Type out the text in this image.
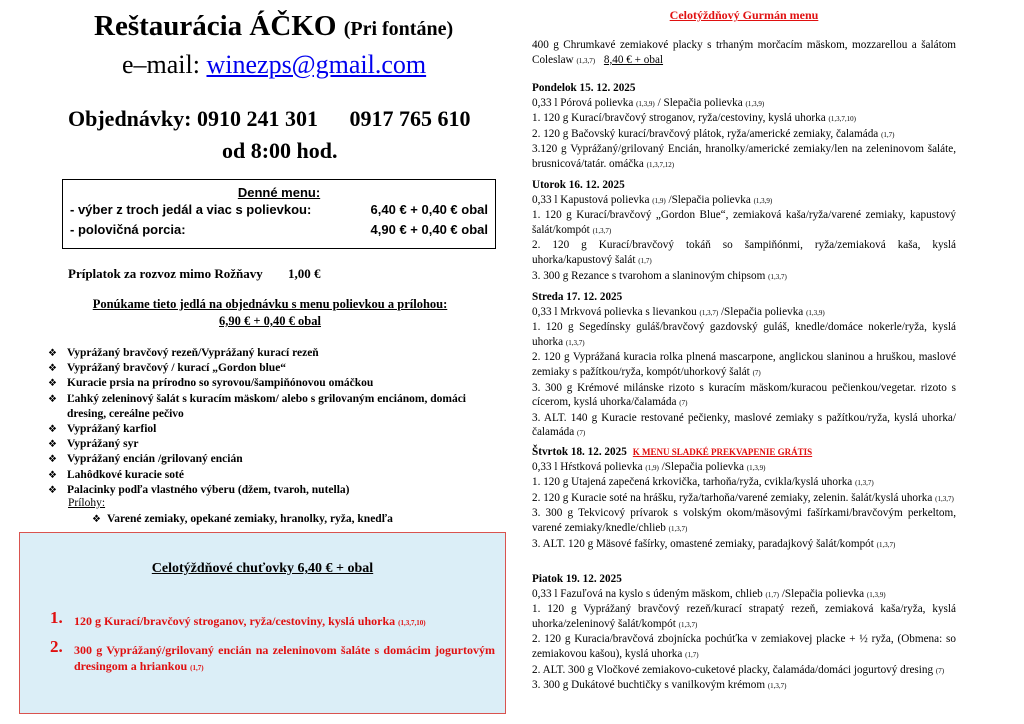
Reštaurácia ÁČKO (Pri fontáne)
e–mail: winezps@gmail.com
Objednávky: 0910 241 301 0917 765 610
od 8:00 hod.
Denné menu:
- výber z troch jedál a viac s polievkou:	6,40 € + 0,40 € obal
- polovičná porcia:	4,90 € + 0,40 € obal
Príplatok za rozvoz mimo Rožňavy 1,00 €
Ponúkame tieto jedlá na objednávku s menu polievkou a prílohou:
6,90 € + 0,40 € obal
❖ Vyprážaný bravčový rezeň/Vyprážaný kurací rezeň
❖ Vyprážaný bravčový / kurací „Gordon blue“
❖ Kuracie prsia na prírodno so syrovou/šampiňónovou omáčkou
❖ Ľahký zeleninový šalát s kuracím mäskom/ alebo s grilovaným enciánom, domáci dresing, cereálne pečivo
❖ Vyprážaný karfiol
❖ Vyprážaný syr
❖ Vyprážaný encián /grilovaný encián
❖ Lahôdkové kuracie soté
❖ Palacinky podľa vlastného výberu (džem, tvaroh, nutella)
Prílohy:
❖ Varené zemiaky, opekané zemiaky, hranolky, ryža, knedľa
Celotýždňové chuťovky 6,40 € + obal
1. 120 g Kurací/bravčový stroganov, ryža/cestoviny, kyslá uhorka (1,3,7,10)
2. 300 g Vyprážaný/grilovaný encián na zeleninovom šaláte s domácim jogurtovým dresingom a hriankou (1,7)
Celotýždňový Gurmán menu
400 g Chrumkavé zemiakové placky s trhaným morčacím mäskom, mozzarellou a šalátom Coleslaw (1,3,7) 8,40 € + obal
Pondelok 15. 12. 2025
0,33 l Pórová polievka (1,3,9) / Slepačia polievka (1,3,9)
1. 120 g Kurací/bravčový stroganov, ryža/cestoviny, kyslá uhorka (1,3,7,10)
2. 120 g Bačovský kurací/bravčový plátok, ryža/americké zemiaky, čalamáda (1,7)
3.120 g Vyprážaný/grilovaný Encián, hranolky/americké zemiaky/len na zeleninovom šaláte, brusnicová/tatár. omáčka (1,3,7,12)
Utorok 16. 12. 2025
0,33 l Kapustová polievka (1,9) /Slepačia polievka (1,3,9)
1. 120 g Kurací/bravčový „Gordon Blue“, zemiaková kaša/ryža/varené zemiaky, kapustový šalát/kompót (1,3,7)
2. 120 g Kurací/bravčový tokáň so šampiňónmi, ryža/zemiaková kaša, kyslá uhorka/kapustový šalát (1,7)
3. 300 g Rezance s tvarohom a slaninovým chipsom (1,3,7)
Streda 17. 12. 2025
0,33 l Mrkvová polievka s lievankou (1,3,7) /Slepačia polievka (1,3,9)
1. 120 g Segedínsky guláš/bravčový gazdovský guláš, knedle/domáce nokerle/ryža, kyslá uhorka (1,3,7)
2. 120 g Vyprážaná kuracia rolka plnená mascarpone, anglickou slaninou a hruškou, maslové zemiaky s pažítkou/ryža, kompót/uhorkový šalát (7)
3. 300 g Krémové milánske rizoto s kuracím mäskom/kuracou pečienkou/vegetar. rizoto s cícerom, kyslá uhorka/čalamáda (7)
3. ALT. 140 g Kuracie restované pečienky, maslové zemiaky s pažítkou/ryža, kyslá uhorka/čalamáda (7)
Štvrtok 18. 12. 2025 K MENU SLADKÉ PREKVAPENIE GRÁTIS
0,33 l Hŕstková polievka (1,9) /Slepačia polievka (1,3,9)
1. 120 g Utajená zapečená krkovička, tarhoňa/ryža, cvikla/kyslá uhorka (1,3,7)
2. 120 g Kuracie soté na hrášku, ryža/tarhoňa/varené zemiaky, zelenin. šalát/kyslá uhorka (1,3,7)
3. 300 g Tekvicový prívarok s volským okom/mäsovými fašírkami/bravčovým perkeltom, varené zemiaky/knedle/chlieb (1,3,7)
3. ALT. 120 g Mäsové fašírky, omastené zemiaky, paradajkový šalát/kompót (1,3,7)
Piatok 19. 12. 2025
0,33 l Fazuľová na kyslo s údeným mäskom, chlieb (1,7) /Slepačia polievka (1,3,9)
1. 120 g Vyprážaný bravčový rezeň/kurací strapatý rezeň, zemiaková kaša/ryža, kyslá uhorka/zeleninový šalát/kompót (1,3,7)
2. 120 g Kuracia/bravčová zbojnícka pochúťka v zemiakovej placke + ½ ryža, (Obmena: so zemiakovou kašou), kyslá uhorka (1,7)
2. ALT. 300 g Vločkové zemiakovo-cuketové placky, čalamáda/domáci jogurtový dresing (7)
3. 300 g Dukátové buchtičky s vanilkovým krémom (1,3,7)
